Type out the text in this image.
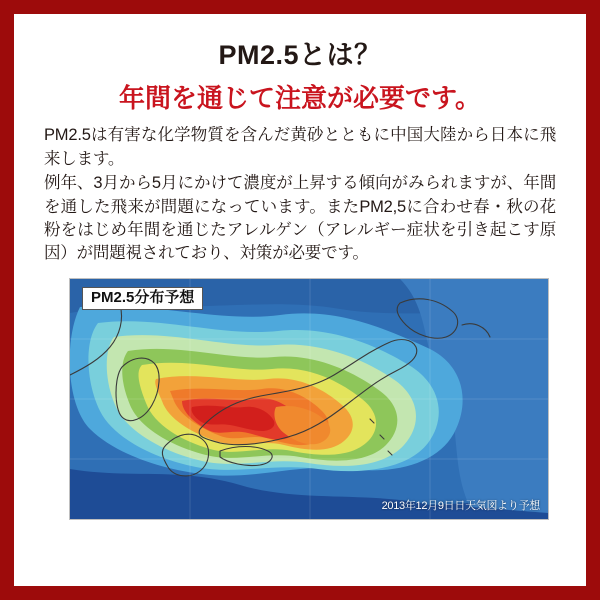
PM2.5とは？
年間を通じて注意が必要です。

PM2.5は有害な化学物質を含んだ黄砂とともに中国大陸から日本に飛来します。

例年、3月から5月にかけて濃度が上昇する傾向がみられますが、年間を通した飛来が問題になっています。またPM2,5に合わせ春・秋の花粉をはじめ年間を通じたアレルゲン（アレルギー症状を引き起こす原因）が問題視されており、対策が必要です。

PM2.5分布予想
2013年12月9日日天気図より予想
